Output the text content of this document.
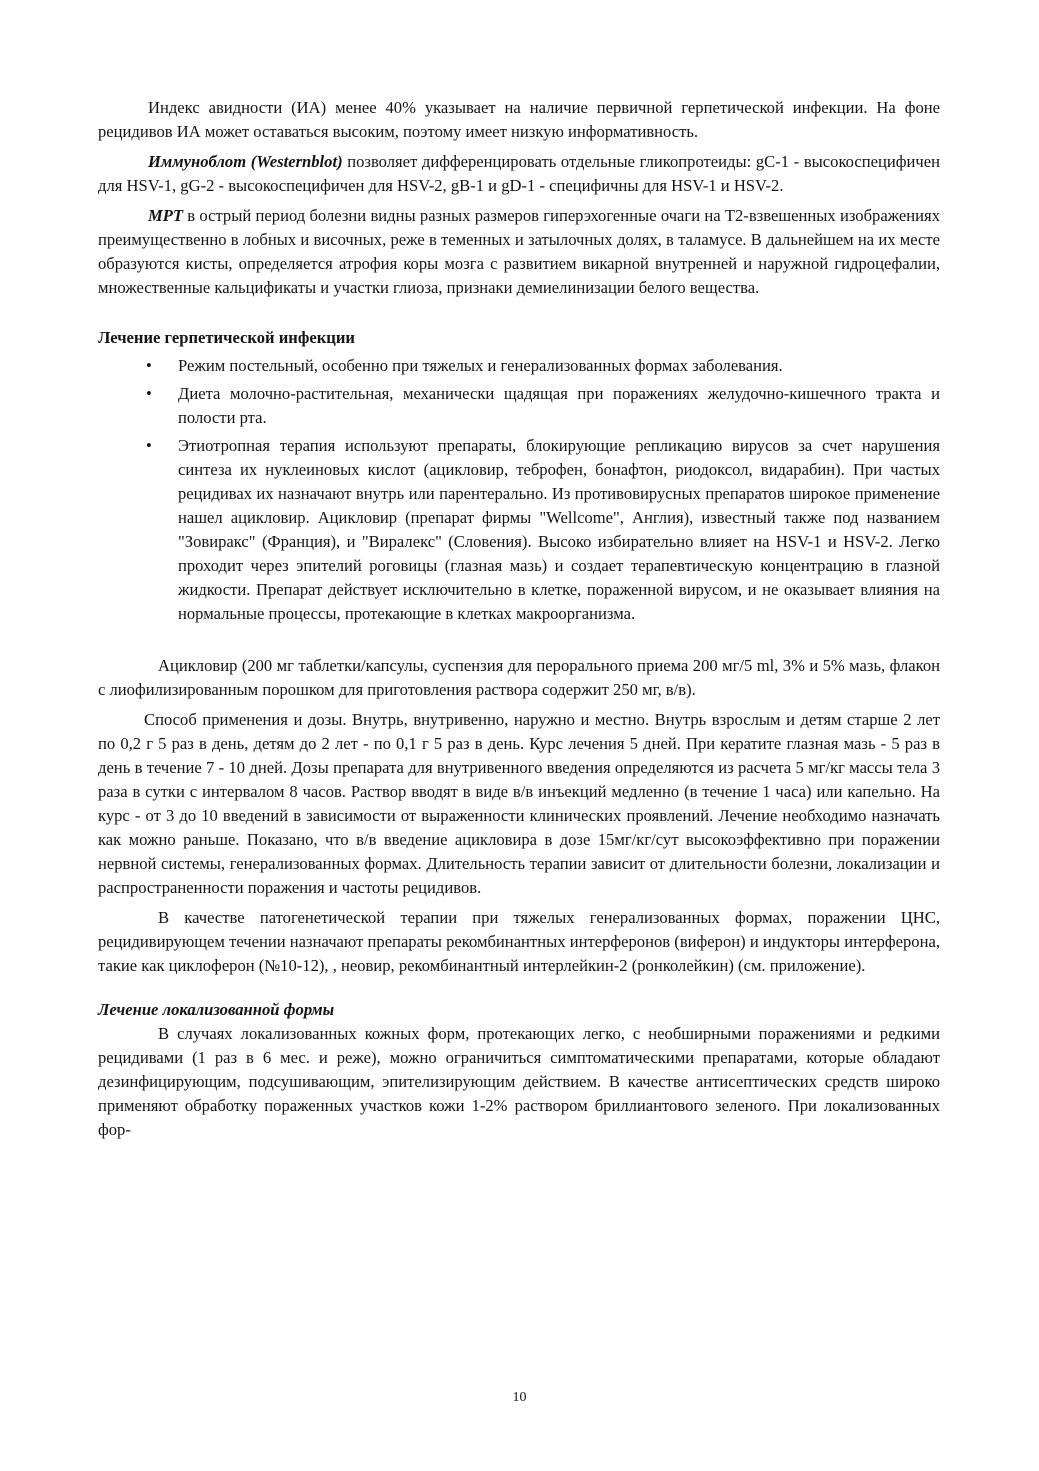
Индекс авидности (ИА) менее 40% указывает на наличие первичной герпетической инфекции. На фоне рецидивов ИА может оставаться высоким, поэтому имеет низкую информативность.

Иммуноблот (Westernblot) позволяет дифференцировать отдельные гликопротеиды: gC-1 - высокоспецифичен для HSV-1, gG-2 - высокоспецифичен для HSV-2, gB-1 и gD-1 - специфичны для HSV-1 и HSV-2.

МРТ в острый период болезни видны разных размеров гиперэхогенные очаги на Т2-взвешенных изображениях преимущественно в лобных и височных, реже в теменных и затылочных долях, в таламусе. В дальнейшем на их месте образуются кисты, определяется атрофия коры мозга с развитием викарной внутренней и наружной гидроцефалии, множественные кальцификаты и участки глиоза, признаки демиелинизации белого вещества.

Лечение герпетической инфекции

• Режим постельный, особенно при тяжелых и генерализованных формах заболевания.
• Диета молочно-растительная, механически щадящая при поражениях желудочно-кишечного тракта и полости рта.
• Этиотропная терапия используют препараты, блокирующие репликацию вирусов за счет нарушения синтеза их нуклеиновых кислот (ацикловир, теброфен, бонафтон, риодоксол, видарабин). При частых рецидивах их назначают внутрь или парентерально. Из противовирусных препаратов широкое применение нашел ацикловир. Ацикловир (препарат фирмы "Wellcome", Англия), известный также под названием "Зовиракс" (Франция), и "Виралекс" (Словения). Высоко избирательно влияет на HSV-1 и HSV-2. Легко проходит через эпителий роговицы (глазная мазь) и создает терапевтическую концентрацию в глазной жидкости. Препарат действует исключительно в клетке, пораженной вирусом, и не оказывает влияния на нормальные процессы, протекающие в клетках макроорганизма.

Ацикловир (200 мг таблетки/капсулы, суспензия для перорального приема 200 мг/5 ml, 3% и 5% мазь, флакон с лиофилизированным порошком для приготовления раствора содержит 250 мг, в/в).

Способ применения и дозы. Внутрь, внутривенно, наружно и местно. Внутрь взрослым и детям старше 2 лет по 0,2 г 5 раз в день, детям до 2 лет - по 0,1 г 5 раз в день. Курс лечения 5 дней. При кератите глазная мазь - 5 раз в день в течение 7 - 10 дней. Дозы препарата для внутривенного введения определяются из расчета 5 мг/кг массы тела 3 раза в сутки с интервалом 8 часов. Раствор вводят в виде в/в инъекций медленно (в течение 1 часа) или капельно. На курс - от 3 до 10 введений в зависимости от выраженности клинических проявлений. Лечение необходимо назначать как можно раньше. Показано, что в/в введение ацикловира в дозе 15мг/кг/сут высокоэффективно при поражении нервной системы, генерализованных формах. Длительность терапии зависит от длительности болезни, локализации и распространенности поражения и частоты рецидивов.

В качестве патогенетической терапии при тяжелых генерализованных формах, поражении ЦНС, рецидивирующем течении назначают препараты рекомбинантных интерферонов (виферон) и индукторы интерферона, такие как циклоферон (№10-12), , неовир, рекомбинантный интерлейкин-2 (ронколейкин) (см. приложение).

Лечение локализованной формы

В случаях локализованных кожных форм, протекающих легко, с необширными поражениями и редкими рецидивами (1 раз в 6 мес. и реже), можно ограничиться симптоматическими препаратами, которые обладают дезинфицирующим, подсушивающим, эпителизирующим действием. В качестве антисептических средств широко применяют обработку пораженных участков кожи 1-2% раствором бриллиантового зеленого. При локализованных фор-

10
